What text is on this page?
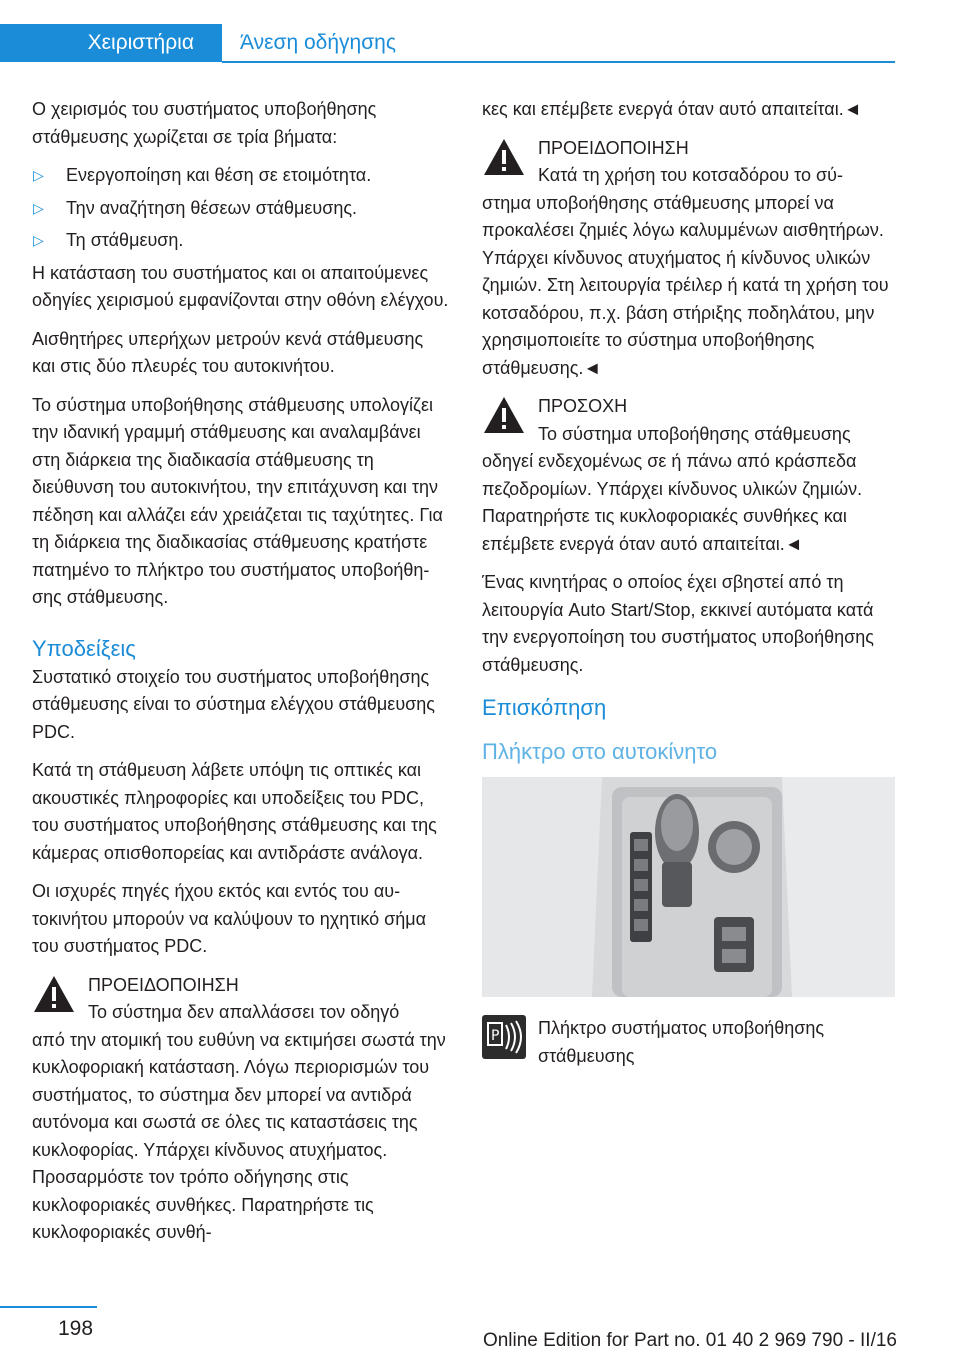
Χειριστήρια	Άνεση οδήγησης

Ο χειρισμός του συστήματος υποβοήθησης στάθμευσης χωρίζεται σε τρία βήματα:

▷ Ενεργοποίηση και θέση σε ετοιμότητα.
▷ Την αναζήτηση θέσεων στάθμευσης.
▷ Τη στάθμευση.

Η κατάσταση του συστήματος και οι απαιτούμενες οδηγίες χειρισμού εμφανίζονται στην οθόνη ελέγχου.

Αισθητήρες υπερήχων μετρούν κενά στάθμευσης και στις δύο πλευρές του αυτοκινήτου.

Το σύστημα υποβοήθησης στάθμευσης υπολογίζει την ιδανική γραμμή στάθμευσης και αναλαμβάνει στη διάρκεια της διαδικασία στάθμευσης τη διεύθυνση του αυτοκινήτου, την επιτάχυνση και την πέδηση και αλλάζει εάν χρειάζεται τις ταχύτητες. Για τη διάρκεια της διαδικασίας στάθμευσης κρατήστε πατημένο το πλήκτρο του συστήματος υποβοήθησης στάθμευσης.

Υποδείξεις

Συστατικό στοιχείο του συστήματος υποβοήθησης στάθμευσης είναι το σύστημα ελέγχου στάθμευσης PDC.

Κατά τη στάθμευση λάβετε υπόψη τις οπτικές και ακουστικές πληροφορίες και υποδείξεις του PDC, του συστήματος υποβοήθησης στάθμευσης και της κάμερας οπισθοπορείας και αντιδράστε ανάλογα.

Οι ισχυρές πηγές ήχου εκτός και εντός του αυτοκινήτου μπορούν να καλύψουν το ηχητικό σήμα του συστήματος PDC.

ΠΡΟΕΙΔΟΠΟΙΗΣΗ
Το σύστημα δεν απαλλάσσει τον οδηγό
από την ατομική του ευθύνη να εκτιμήσει σωστά την κυκλοφοριακή κατάσταση. Λόγω περιορισμών του συστήματος, το σύστημα δεν μπορεί να αντιδρά αυτόνομα και σωστά σε όλες τις καταστάσεις της κυκλοφορίας. Υπάρχει κίνδυνος ατυχήματος. Προσαρμόστε τον τρόπο οδήγησης στις κυκλοφοριακές συνθήκες. Παρατηρήστε τις κυκλοφοριακές συνθή-

κες και επέμβετε ενεργά όταν αυτό απαιτείται.◄

ΠΡΟΕΙΔΟΠΟΙΗΣΗ
Κατά τη χρήση του κοτσαδόρου το σύ-
στημα υποβοήθησης στάθμευσης μπορεί να προκαλέσει ζημιές λόγω καλυμμένων αισθητήρων. Υπάρχει κίνδυνος ατυχήματος ή κίνδυνος υλικών ζημιών. Στη λειτουργία τρέιλερ ή κατά τη χρήση του κοτσαδόρου, π.χ. βάση στήριξης ποδηλάτου, μην χρησιμοποιείτε το σύστημα υποβοήθησης στάθμευσης.◄
ΠΡΟΣΟΧΗ
Το σύστημα υποβοήθησης στάθμευσης
οδηγεί ενδεχομένως σε ή πάνω από κράσπεδα πεζοδρομίων. Υπάρχει κίνδυνος υλικών ζημιών. Παρατηρήστε τις κυκλοφοριακές συνθήκες και επέμβετε ενεργά όταν αυτό απαιτείται.◄

Ένας κινητήρας ο οποίος έχει σβηστεί από τη λειτουργία Auto Start/Stop, εκκινεί αυτόματα κατά την ενεργοποίηση του συστήματος υποβοήθησης στάθμευσης.

Επισκόπηση
Πλήκτρο στο αυτοκίνητο
P	Πλήκτρο συστήματος υποβοήθησης στάθμευσης
198
Online Edition for Part no. 01 40 2 969 790 - II/16
